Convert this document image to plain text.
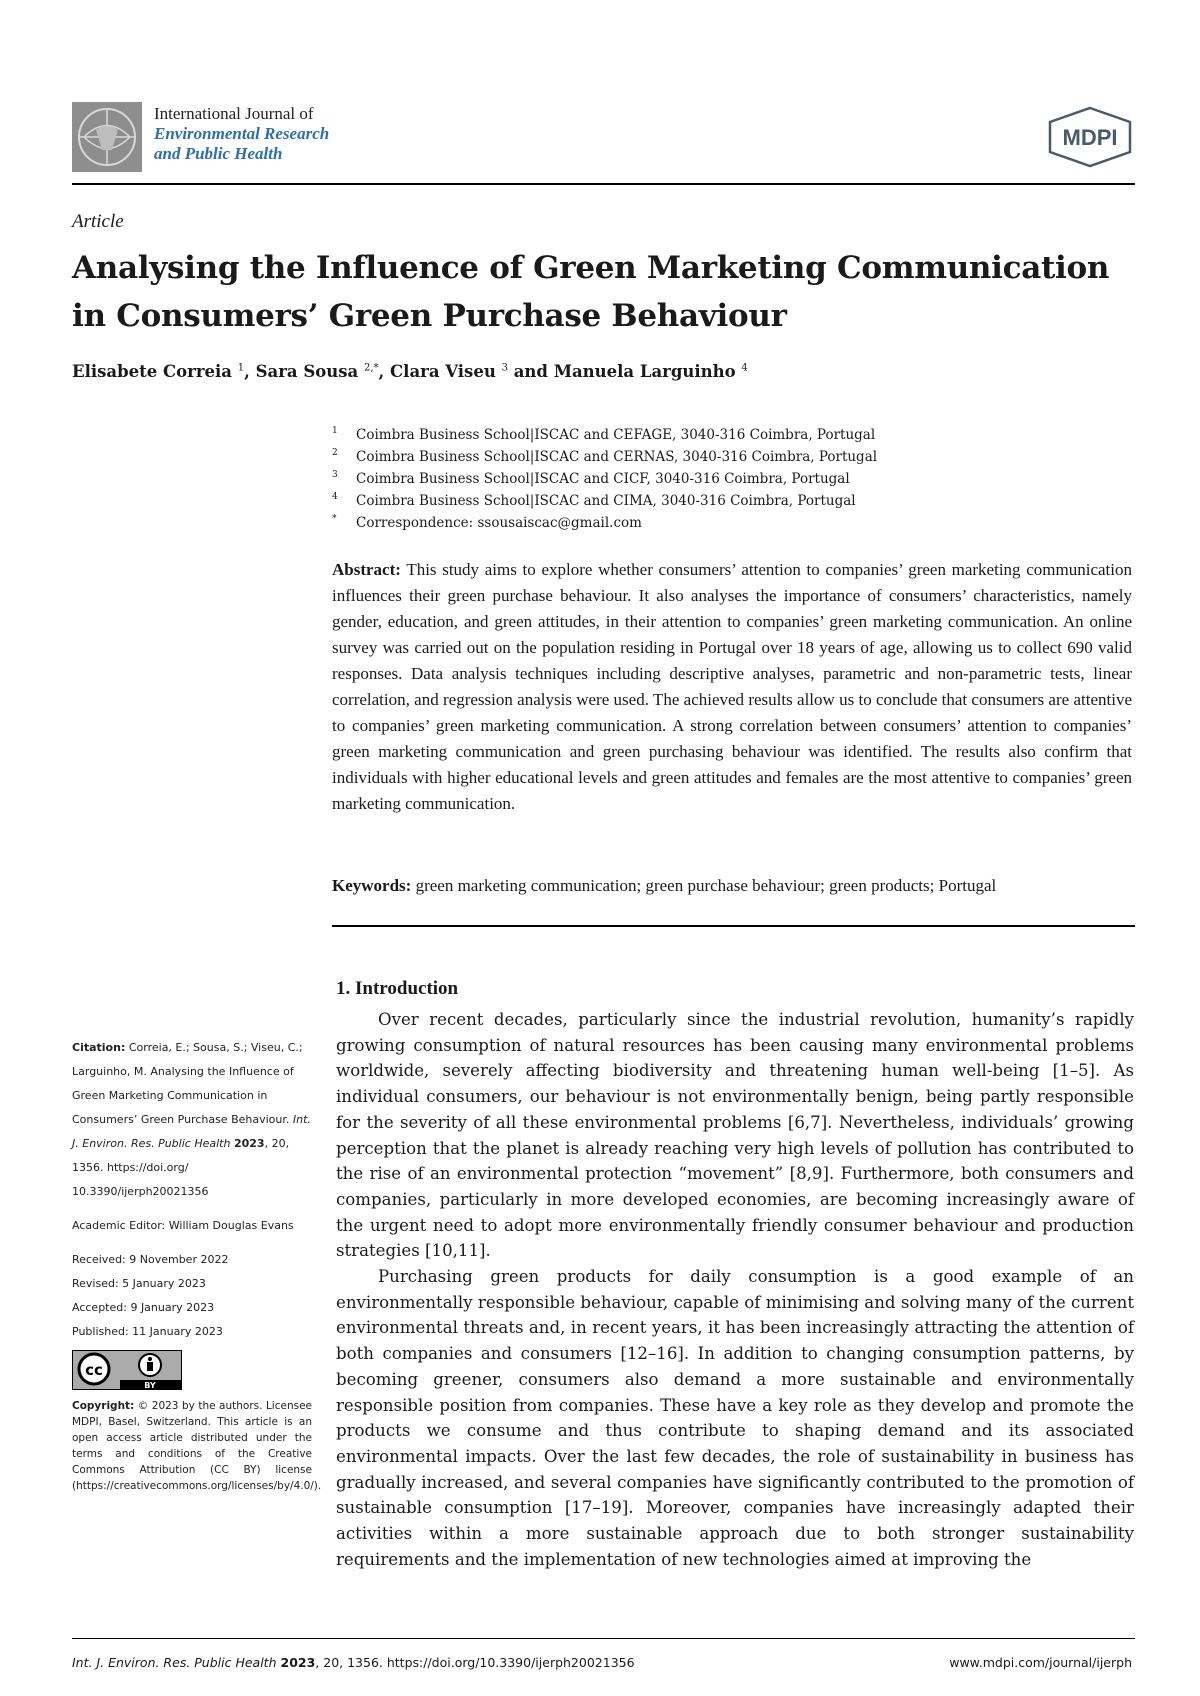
International Journal of
Environmental Research
and Public Health
MDPI
Article
Analysing the Influence of Green Marketing Communication in Consumers’ Green Purchase Behaviour
Elisabete Correia $^1$, Sara Sousa $^{2,*}$, Clara Viseu $^3$ and Manuela Larguinho $^4$
1	Coimbra Business School|ISCAC and CEFAGE, 3040-316 Coimbra, Portugal
2	Coimbra Business School|ISCAC and CERNAS, 3040-316 Coimbra, Portugal
3	Coimbra Business School|ISCAC and CICF, 3040-316 Coimbra, Portugal
4	Coimbra Business School|ISCAC and CIMA, 3040-316 Coimbra, Portugal
*	Correspondence: ssousaiscac@gmail.com
Abstract: This study aims to explore whether consumers’ attention to companies’ green marketing communication influences their green purchase behaviour. It also analyses the importance of consumers’ characteristics, namely gender, education, and green attitudes, in their attention to companies’ green marketing communication. An online survey was carried out on the population residing in Portugal over 18 years of age, allowing us to collect 690 valid responses. Data analysis techniques including descriptive analyses, parametric and non-parametric tests, linear correlation, and regression analysis were used. The achieved results allow us to conclude that consumers are attentive to companies’ green marketing communication. A strong correlation between consumers’ attention to companies’ green marketing communication and green purchasing behaviour was identified. The results also confirm that individuals with higher educational levels and green attitudes and females are the most attentive to companies’ green marketing communication.
Keywords: green marketing communication; green purchase behaviour; green products; Portugal
1. Introduction

Over recent decades, particularly since the industrial revolution, humanity’s rapidly growing consumption of natural resources has been causing many environmental problems worldwide, severely affecting biodiversity and threatening human well-being [1–5]. As individual consumers, our behaviour is not environmentally benign, being partly responsible for the severity of all these environmental problems [6,7]. Nevertheless, individuals’ growing perception that the planet is already reaching very high levels of pollution has contributed to the rise of an environmental protection “movement” [8,9]. Furthermore, both consumers and companies, particularly in more developed economies, are becoming increasingly aware of the urgent need to adopt more environmentally friendly consumer behaviour and production strategies [10,11].

Purchasing green products for daily consumption is a good example of an environmentally responsible behaviour, capable of minimising and solving many of the current environmental threats and, in recent years, it has been increasingly attracting the attention of both companies and consumers [12–16]. In addition to changing consumption patterns, by becoming greener, consumers also demand a more sustainable and environmentally responsible position from companies. These have a key role as they develop and promote the products we consume and thus contribute to shaping demand and its associated environmental impacts. Over the last few decades, the role of sustainability in business has gradually increased, and several companies have significantly contributed to the promotion of sustainable consumption [17–19]. Moreover, companies have increasingly adapted their activities within a more sustainable approach due to both stronger sustainability requirements and the implementation of new technologies aimed at improving the

Citation: Correia, E.; Sousa, S.; Viseu, C.; Larguinho, M. Analysing the Influence of Green Marketing Communication in Consumers’ Green Purchase Behaviour. Int. J. Environ. Res. Public Health 2023, 20, 1356. https://doi.org/ 10.3390/ijerph20021356
Academic Editor: William Douglas Evans
Received: 9 November 2022
Revised: 5 January 2023
Accepted: 9 January 2023
Published: 11 January 2023
cc
BY
Copyright: © 2023 by the authors. Licensee MDPI, Basel, Switzerland. This article is an open access article distributed under the terms and conditions of the Creative Commons Attribution (CC BY) license (https://creativecommons.org/licenses/by/4.0/).
Int. J. Environ. Res. Public Health 2023, 20, 1356. https://doi.org/10.3390/ijerph20021356	www.mdpi.com/journal/ijerph
